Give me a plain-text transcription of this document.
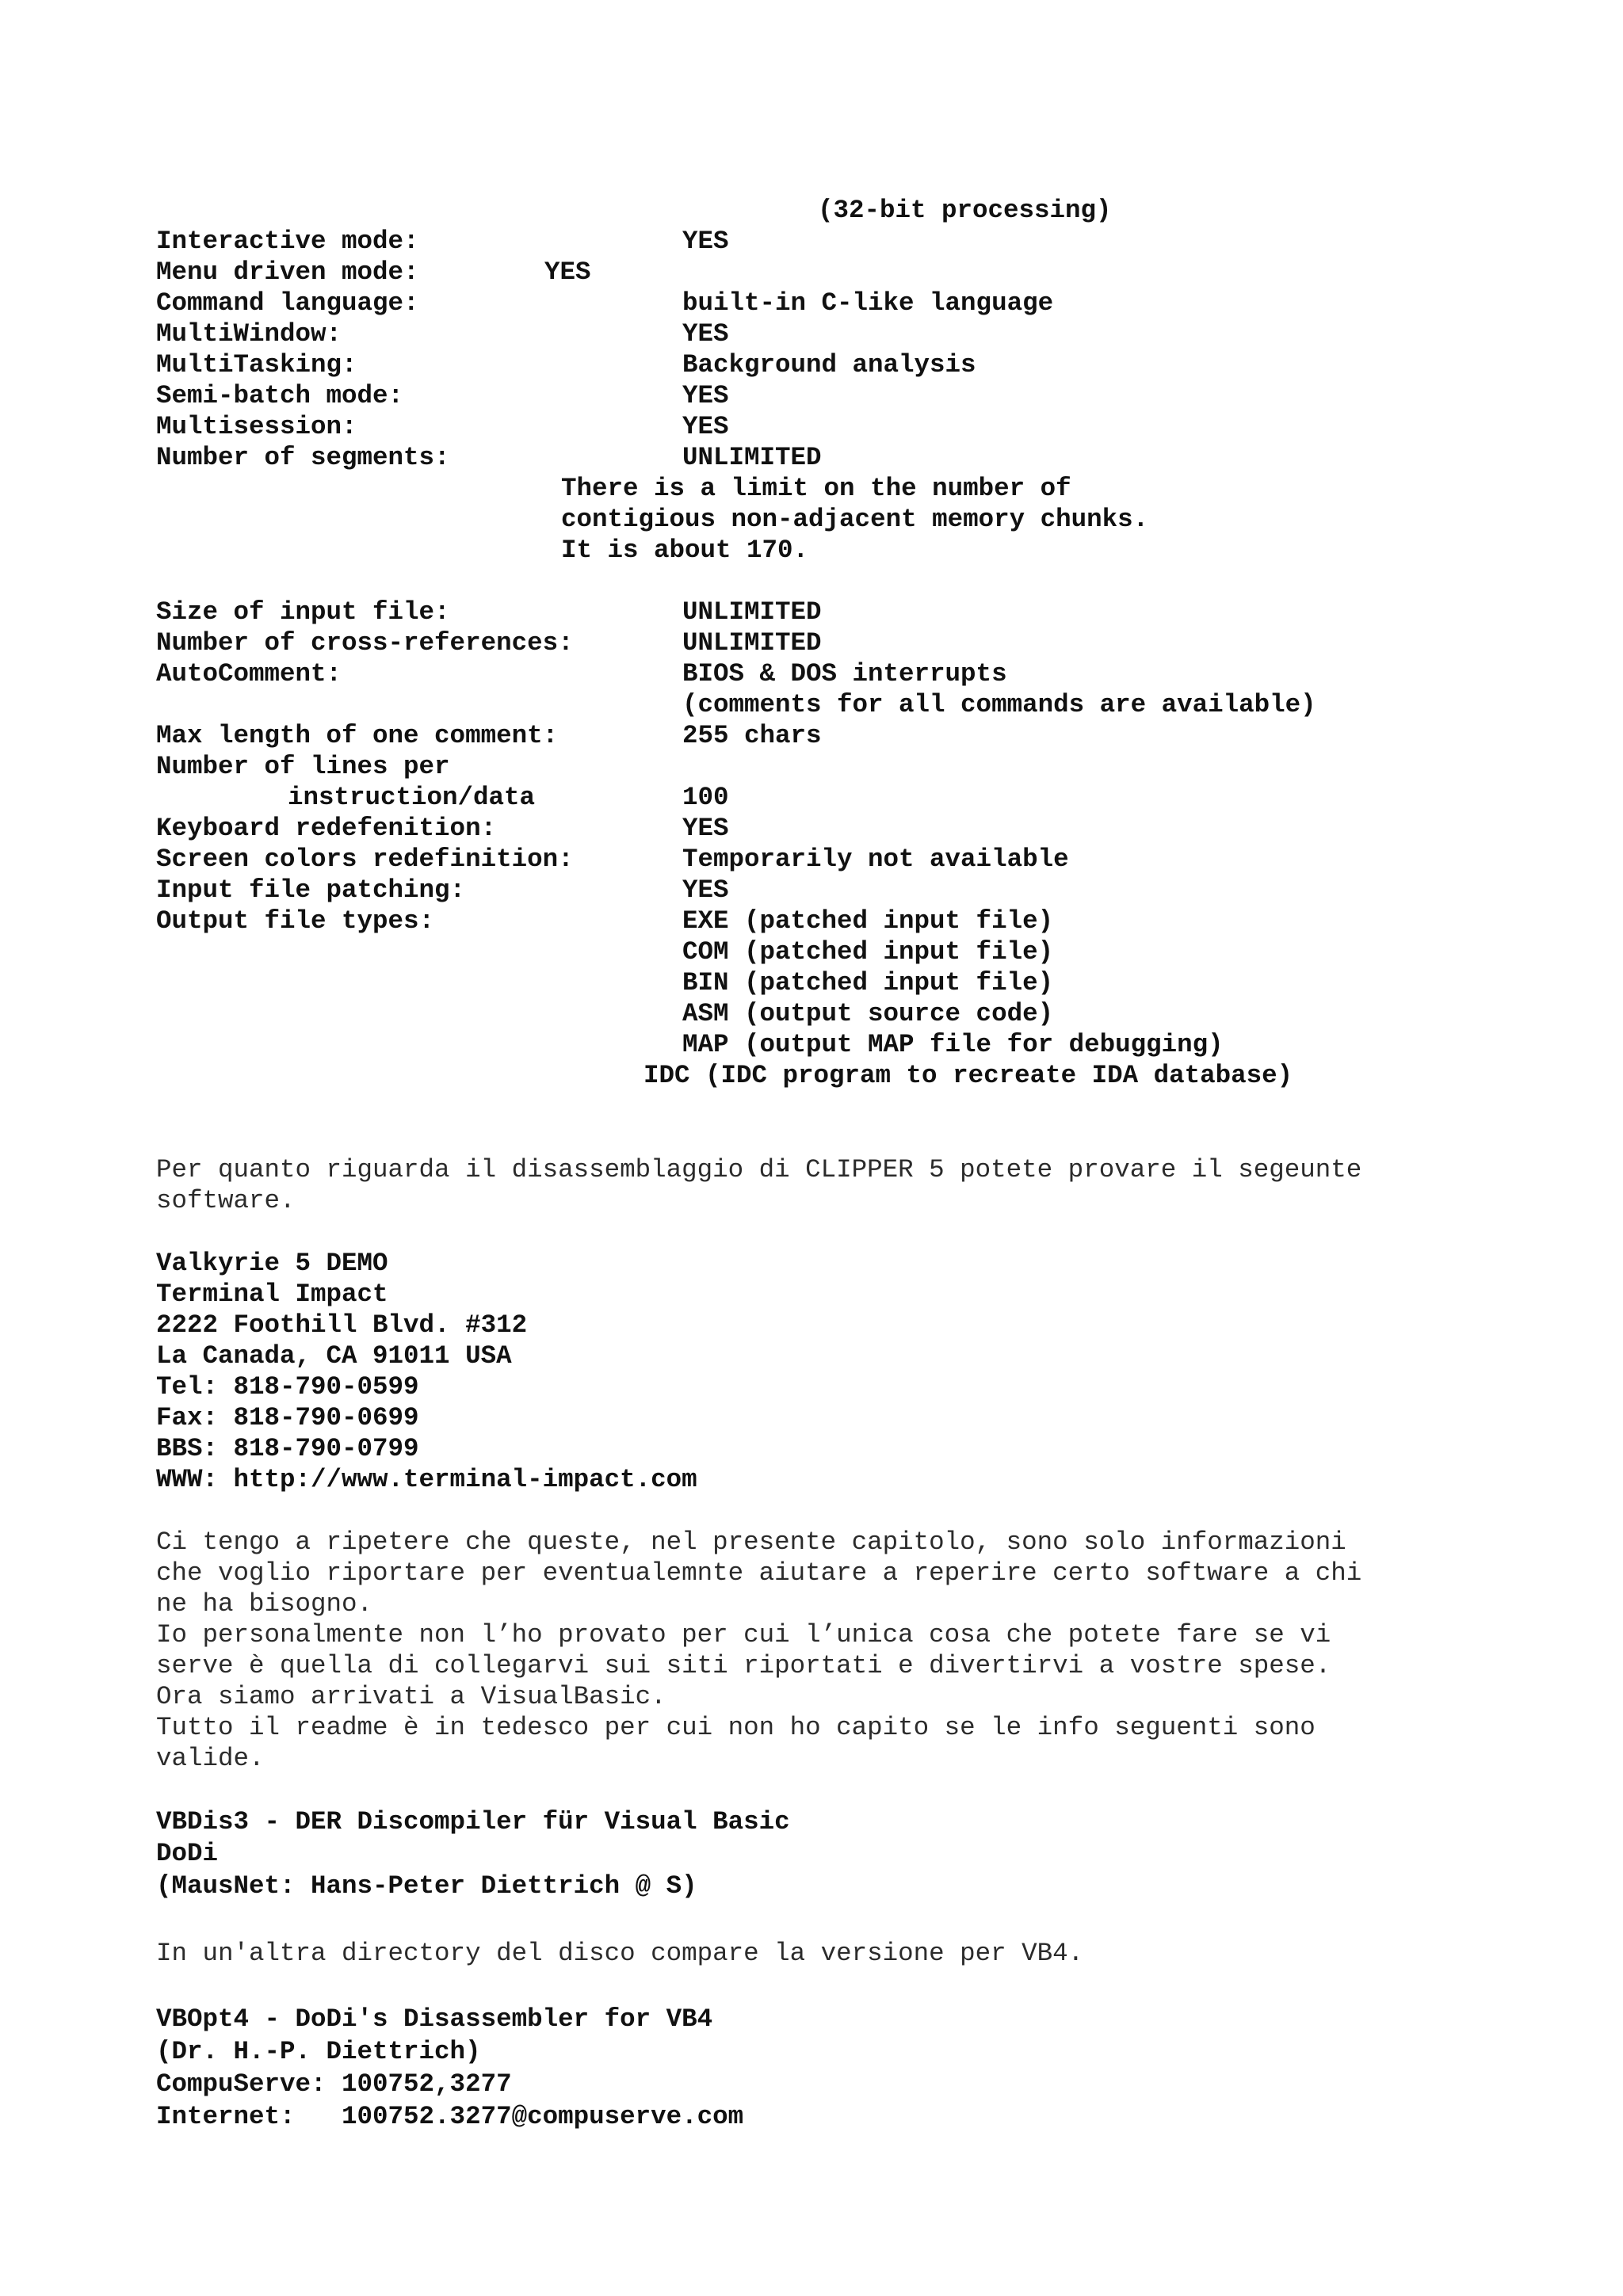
(32-bit processing)
Interactive mode:	YES
Menu driven mode:	YES
Command language:	built-in C-like language
MultiWindow:	YES
MultiTasking:	Background analysis
Semi-batch mode:	YES
Multisession:	YES
Number of segments:	UNLIMITED
There is a limit on the number of
contigious non-adjacent memory chunks.
It is about 170.
Size of input file:	UNLIMITED
Number of cross-references:	UNLIMITED
AutoComment:	BIOS & DOS interrupts
(comments for all commands are available)
Max length of one comment:	255 chars
Number of lines per
instruction/data	100
Keyboard redefenition:	YES
Screen colors redefinition:	Temporarily not available
Input file patching:	YES
Output file types:	EXE (patched input file)
COM (patched input file)
BIN (patched input file)
ASM (output source code)
MAP (output MAP file for debugging)
IDC (IDC program to recreate IDA database)
Per quanto riguarda il disassemblaggio di CLIPPER 5 potete provare il segeunte
software.
Valkyrie 5 DEMO
Terminal Impact
2222 Foothill Blvd. #312
La Canada, CA 91011 USA
Tel: 818-790-0599
Fax: 818-790-0699
BBS: 818-790-0799
WWW: http://www.terminal-impact.com
Ci tengo a ripetere che queste, nel presente capitolo, sono solo informazioni
che voglio riportare per eventualemnte aiutare a reperire certo software a chi
ne ha bisogno.
Io personalmente non l’ho provato per cui l’unica cosa che potete fare se vi
serve è quella di collegarvi sui siti riportati e divertirvi a vostre spese.
Ora siamo arrivati a VisualBasic.
Tutto il readme è in tedesco per cui non ho capito se le info seguenti sono
valide.
VBDis3 - DER Discompiler für Visual Basic
DoDi
(MausNet: Hans-Peter Diettrich @ S)
In un'altra directory del disco compare la versione per VB4.
VBOpt4 - DoDi's Disassembler for VB4
(Dr. H.-P. Diettrich)
CompuServe: 100752,3277
Internet:   100752.3277@compuserve.com
